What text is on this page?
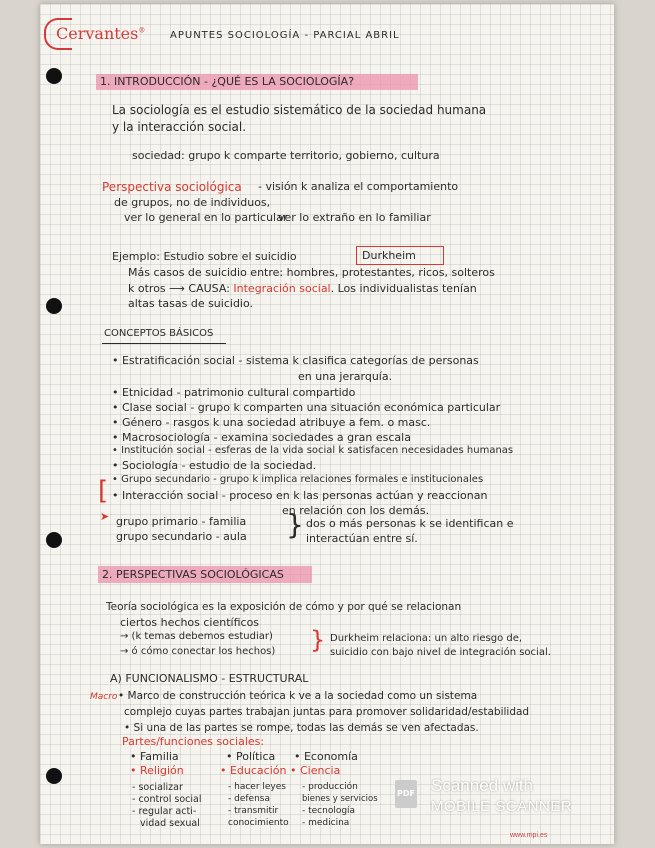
Cervantes® APUNTES SOCIOLOGÍA - PARCIAL ABRIL
1. INTRODUCCIÓN - ¿QUÉ ES LA SOCIOLOGÍA?
La sociología es el estudio sistemático de la sociedad humana
y la interacción social.
sociedad: grupo k comparte territorio, gobierno, cultura
Perspectiva sociológica - visión k analiza el comportamiento
de grupos, no de individuos,
ver lo general en lo particular
ver lo extraño en lo familiar
Ejemplo: Estudio sobre el suicidio	Durkheim
Más casos de suicidio entre: hombres, protestantes, ricos, solteros
k otros ⟶ CAUSA: Integración social. Los individualistas tenían
altas tasas de suicidio.
CONCEPTOS BÁSICOS
• Estratificación social - sistema k clasifica categorías de personas
en una jerarquía.
• Etnicidad - patrimonio cultural compartido
• Clase social - grupo k comparten una situación económica particular
• Género - rasgos k una sociedad atribuye a fem. o masc.
• Macrosociología - examina sociedades a gran escala
• Institución social - esferas de la vida social k satisfacen necesidades humanas
• Sociología - estudio de la sociedad.
• Grupo secundario - grupo k implica relaciones formales e institucionales
• Interacción social - proceso en k las personas actúan y reaccionan
en relación con los demás.
[
➤ grupo primario - familia
grupo secundario - aula } dos o más personas k se identifican e
interactúan entre sí.
2. PERSPECTIVAS SOCIOLÓGICAS
Teoría sociológica es la exposición de cómo y por qué se relacionan
ciertos hechos científicos
→ (k temas debemos estudiar)
→ ó cómo conectar los hechos) } Durkheim relaciona: un alto riesgo de,
suicidio con bajo nivel de integración social.
A) FUNCIONALISMO - ESTRUCTURAL
Macro • Marco de construcción teórica k ve a la sociedad como un sistema
complejo cuyas partes trabajan juntas para promover solidaridad/estabilidad
• Si una de las partes se rompe, todas las demás se ven afectadas.
Partes/funciones sociales:
• Familia
• Religión
- socializar
- control social
- regular acti-
vidad sexual
• Política
• Educación
- hacer leyes
- defensa
- transmitir
conocimiento
• Economía
• Ciencia
- producción
bienes y servicios
- tecnología
- medicina
PDF Scanned with
MOBILE SCANNER
www.mpi.es
